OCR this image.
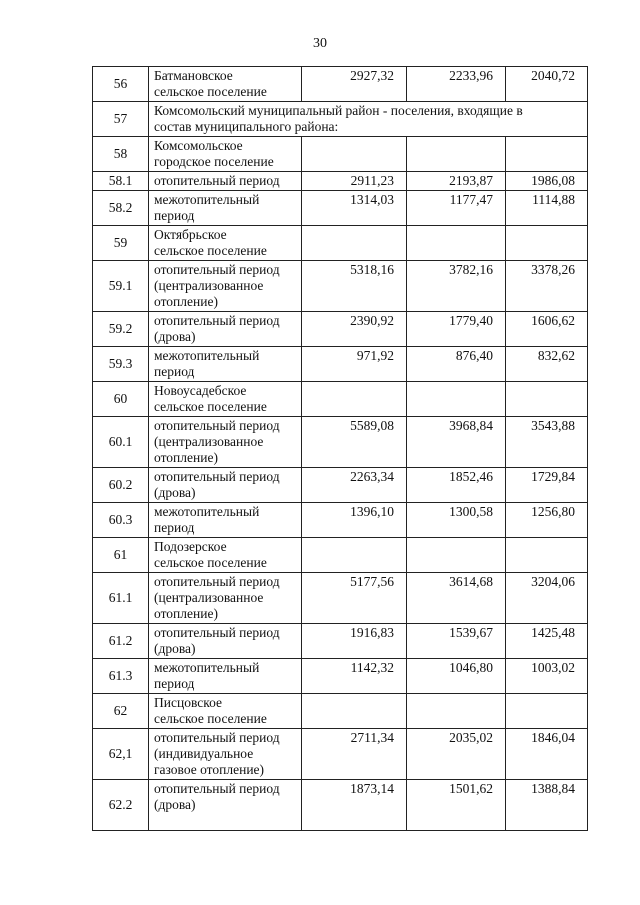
30
56	Батмановское
сельское поселение	2927,32	2233,96	2040,72
57	Комсомольский муниципальный район - поселения, входящие в
состав муниципального района:			

58	Комсомольское
городское поселение			

58.1	отопительный период	2911,23	2193,87	1986,08
58.2	межотопительный
период	1314,03	1177,47	1114,88
59	Октябрьское
сельское поселение			

59.1	отопительный период
(централизованное
отопление)	5318,16	3782,16	3378,26
59.2	отопительный период
(дрова)	2390,92	1779,40	1606,62
59.3	межотопительный
период	971,92	876,40	832,62
60	Новоусадебское
сельское поселение			

60.1	отопительный период
(централизованное
отопление)	5589,08	3968,84	3543,88
60.2	отопительный период
(дрова)	2263,34	1852,46	1729,84
60.3	межотопительный
период	1396,10	1300,58	1256,80
61	Подозерское
сельское поселение			

61.1	отопительный период
(централизованное
отопление)	5177,56	3614,68	3204,06
61.2	отопительный период
(дрова)	1916,83	1539,67	1425,48
61.3	межотопительный
период	1142,32	1046,80	1003,02
62	Писцовское
сельское поселение			

62,1	отопительный период
(индивидуальное
газовое отопление)	2711,34	2035,02	1846,04
62.2	отопительный период
(дрова)	1873,14	1501,62	1388,84
